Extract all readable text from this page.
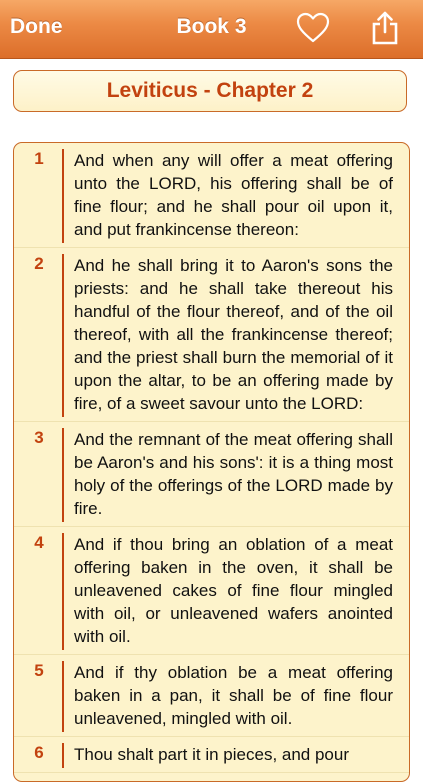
Done	Book 3
Leviticus - Chapter 2
1	And when any will offer a meat offering unto the LORD, his offering shall be of fine flour; and he shall pour oil upon it, and put frankincense thereon:
2	And he shall bring it to Aaron's sons the priests: and he shall take thereout his handful of the flour thereof, and of the oil thereof, with all the frankincense thereof; and the priest shall burn the memorial of it upon the altar, to be an offering made by fire, of a sweet savour unto the LORD:
3	And the remnant of the meat offering shall be Aaron's and his sons': it is a thing most holy of the offerings of the LORD made by fire.
4	And if thou bring an oblation of a meat offering baken in the oven, it shall be unleavened cakes of fine flour mingled with oil, or unleavened wafers anointed with oil.
5	And if thy oblation be a meat offering baken in a pan, it shall be of fine flour unleavened, mingled with oil.
6	Thou shalt part it in pieces, and pour
